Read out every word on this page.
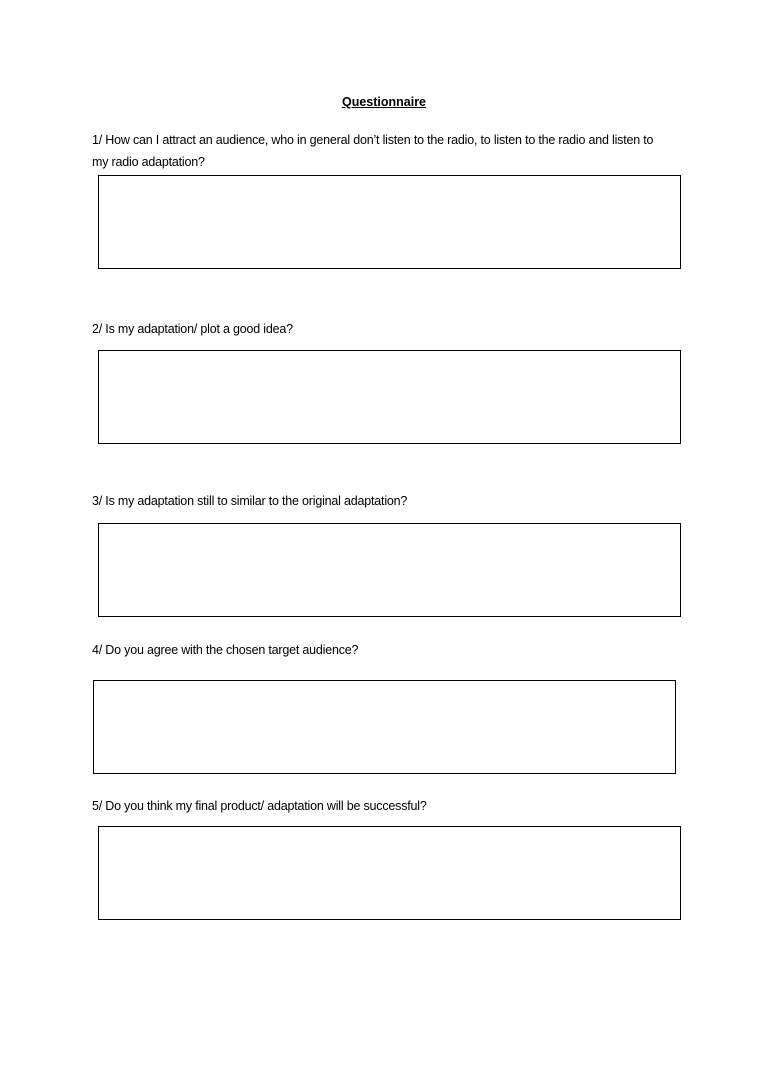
Questionnaire
1/ How can I attract an audience, who in general don’t listen to the radio, to listen to the radio and listen to my radio adaptation?
2/ Is my adaptation/ plot a good idea?
3/ Is my adaptation still to similar to the original adaptation?
4/ Do you agree with the chosen target audience?
5/ Do you think my final product/ adaptation will be successful?
